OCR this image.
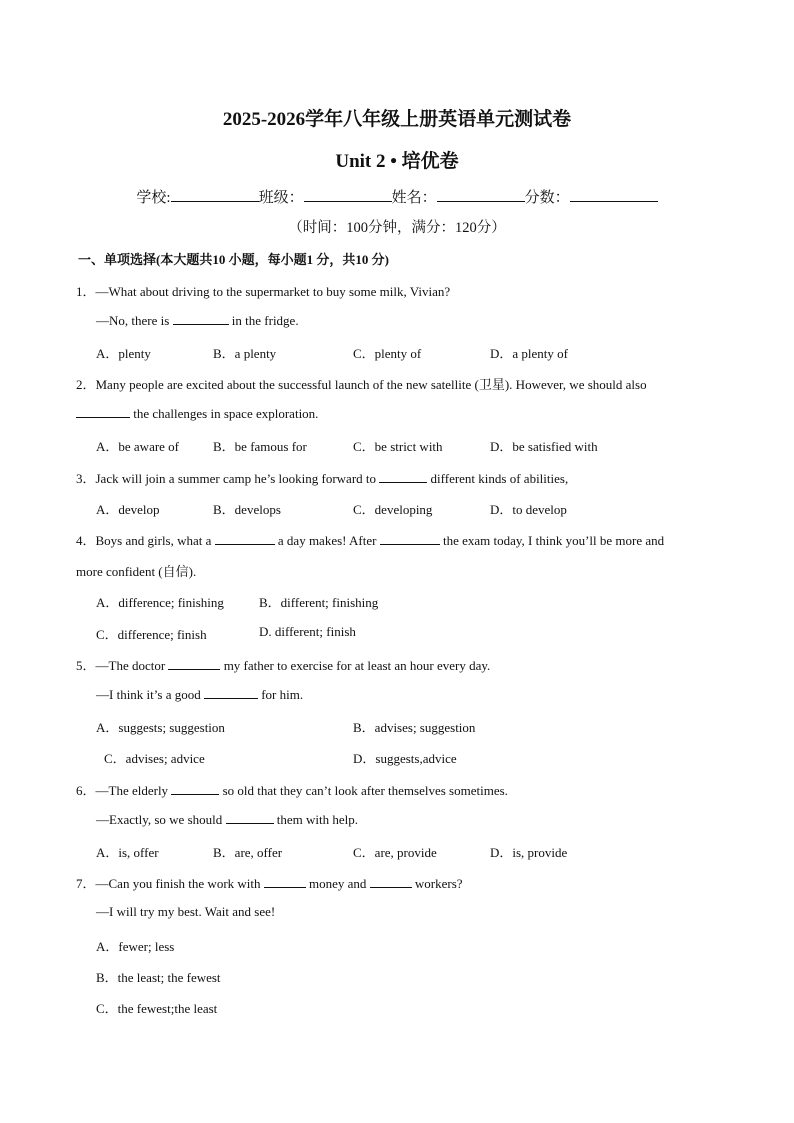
2025-2026学年八年级上册英语单元测试卷
Unit 2 • 培优卷
学校:	班级：	姓名：	分数：
（时间：100分钟，满分：120分）
一、单项选择(本大题共10 小题，每小题1 分，共10 分)
1．—What about driving to the supermarket to buy some milk, Vivian?
—No, there is	in the fridge.
A．plenty	B．a plenty	C．plenty of	D．a plenty of
2．Many people are excited about the successful launch of the new satellite (卫星). However, we should also
the challenges in space exploration.
A．be aware of	B．be famous for	C．be strict with	D．be satisfied with
3．Jack will join a summer camp he’s looking forward to	different kinds of abilities,
A．develop	B．develops	C．developing	D．to develop
4．Boys and girls, what a	a day makes! After	the exam today, I think you’ll be more and
more confident (自信).
A．difference; finishing	B．different; finishing
C．difference; finish	D. different; finish
5．—The doctor	my father to exercise for at least an hour every day.
—I think it’s a good	for him.
A．suggests; suggestion	B．advises; suggestion
C．advises; advice	D．suggests,advice
6．—The elderly	so old that they can’t look after themselves sometimes.
—Exactly, so we should	them with help.
A．is, offer	B．are, offer	C．are, provide	D．is, provide
7．—Can you finish the work with	money and	workers?
—I will try my best. Wait and see!
A．fewer; less
B．the least; the fewest
C．the fewest;the least
